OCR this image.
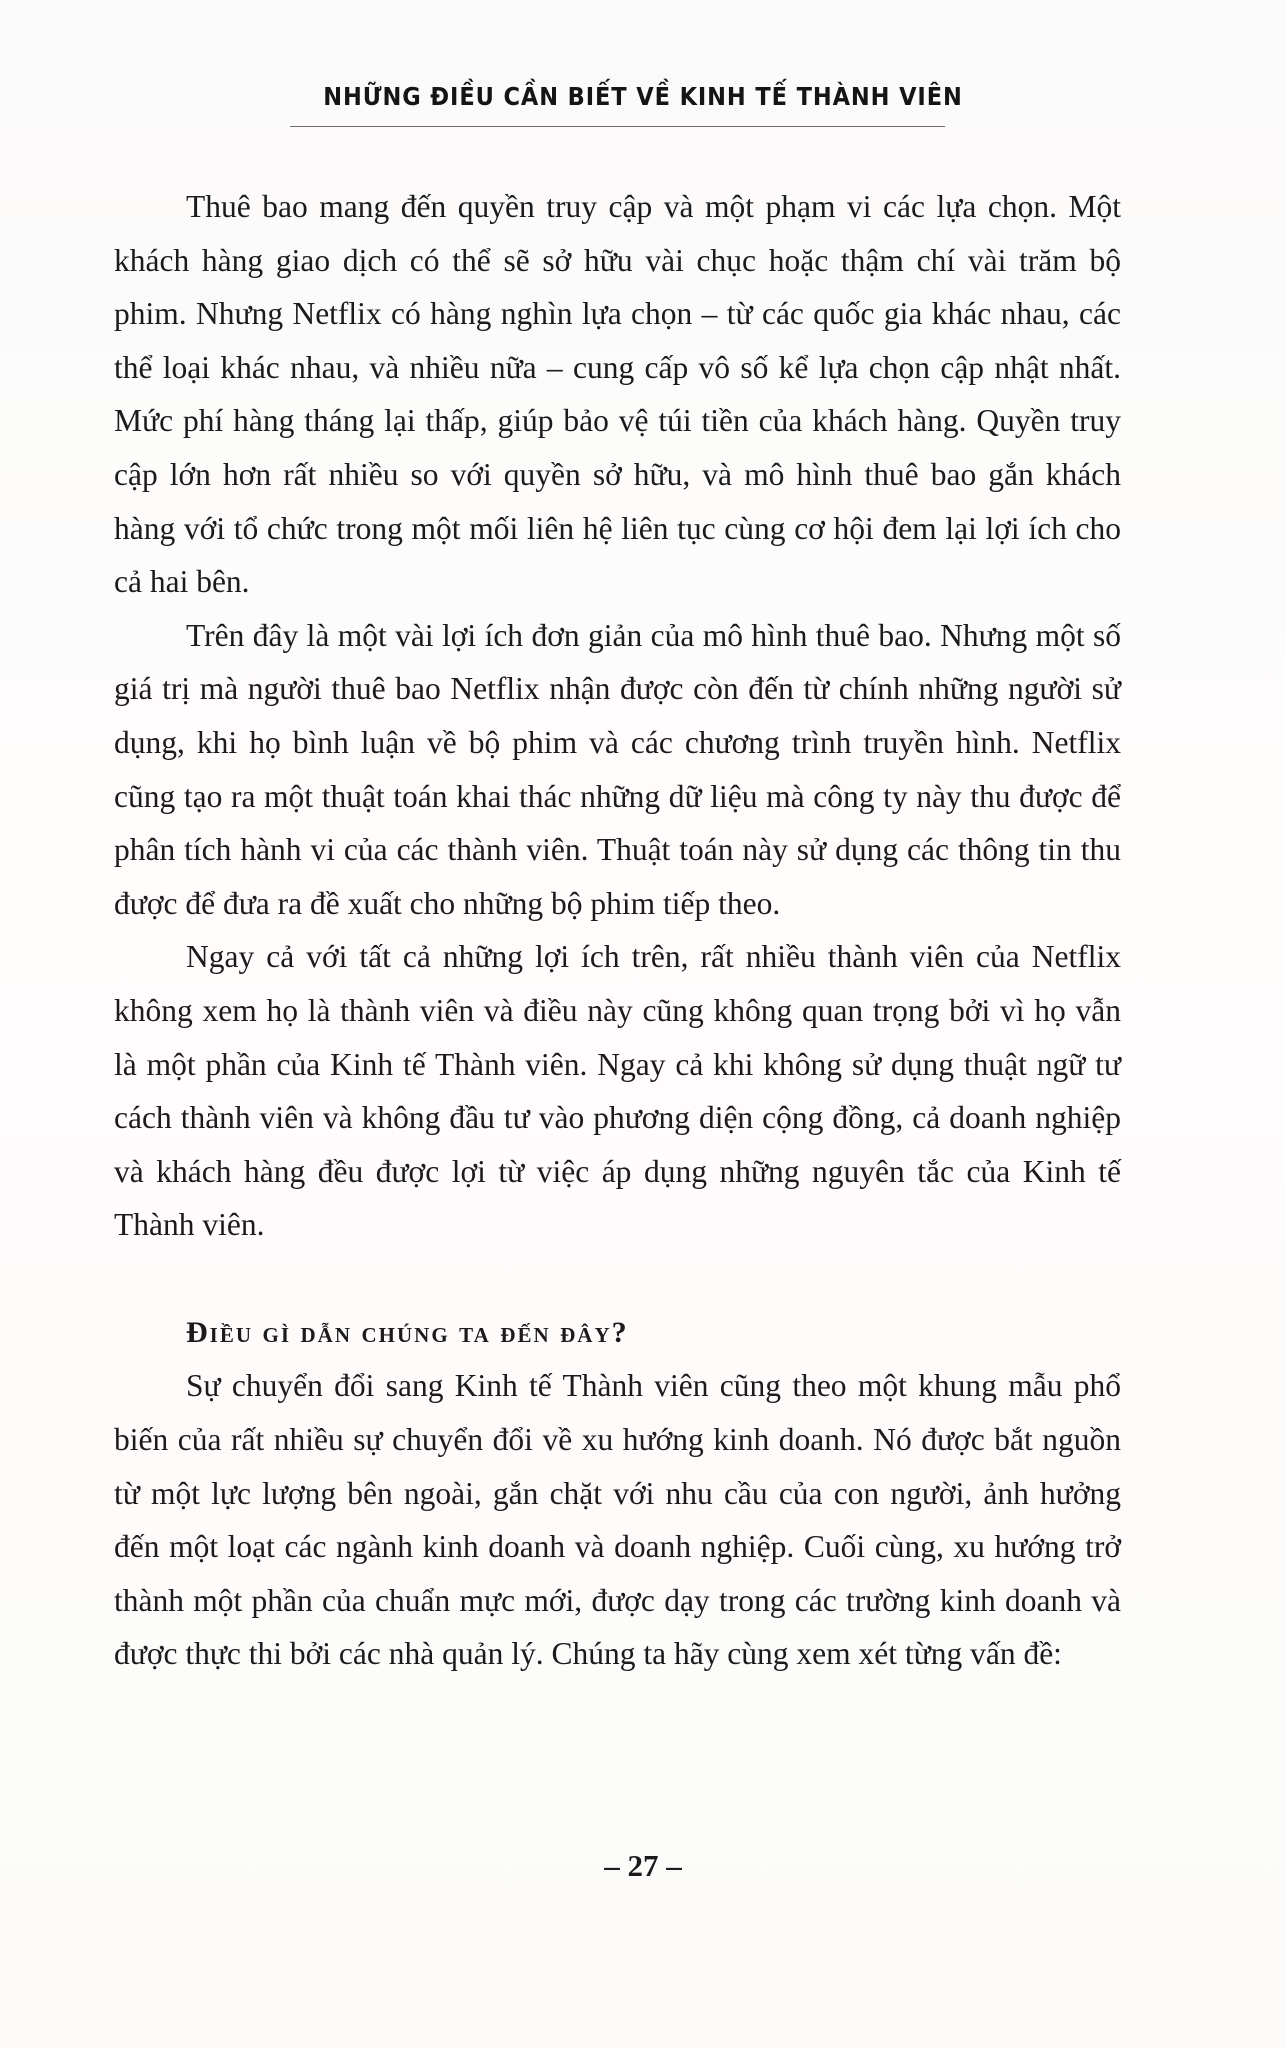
NHỮNG ĐIỀU CẦN BIẾT VỀ KINH TẾ THÀNH VIÊN

Thuê bao mang đến quyền truy cập và một phạm vi các lựa chọn. Một khách hàng giao dịch có thể sẽ sở hữu vài chục hoặc thậm chí vài trăm bộ phim. Nhưng Netflix có hàng nghìn lựa chọn – từ các quốc gia khác nhau, các thể loại khác nhau, và nhiều nữa – cung cấp vô số kể lựa chọn cập nhật nhất. Mức phí hàng tháng lại thấp, giúp bảo vệ túi tiền của khách hàng. Quyền truy cập lớn hơn rất nhiều so với quyền sở hữu, và mô hình thuê bao gắn khách hàng với tổ chức trong một mối liên hệ liên tục cùng cơ hội đem lại lợi ích cho cả hai bên.

Trên đây là một vài lợi ích đơn giản của mô hình thuê bao. Nhưng một số giá trị mà người thuê bao Netflix nhận được còn đến từ chính những người sử dụng, khi họ bình luận về bộ phim và các chương trình truyền hình. Netflix cũng tạo ra một thuật toán khai thác những dữ liệu mà công ty này thu được để phân tích hành vi của các thành viên. Thuật toán này sử dụng các thông tin thu được để đưa ra đề xuất cho những bộ phim tiếp theo.

Ngay cả với tất cả những lợi ích trên, rất nhiều thành viên của Netflix không xem họ là thành viên và điều này cũng không quan trọng bởi vì họ vẫn là một phần của Kinh tế Thành viên. Ngay cả khi không sử dụng thuật ngữ tư cách thành viên và không đầu tư vào phương diện cộng đồng, cả doanh nghiệp và khách hàng đều được lợi từ việc áp dụng những nguyên tắc của Kinh tế Thành viên.

Điều gì dẫn chúng ta đến đây?

Sự chuyển đổi sang Kinh tế Thành viên cũng theo một khung mẫu phổ biến của rất nhiều sự chuyển đổi về xu hướng kinh doanh. Nó được bắt nguồn từ một lực lượng bên ngoài, gắn chặt với nhu cầu của con người, ảnh hưởng đến một loạt các ngành kinh doanh và doanh nghiệp. Cuối cùng, xu hướng trở thành một phần của chuẩn mực mới, được dạy trong các trường kinh doanh và được thực thi bởi các nhà quản lý. Chúng ta hãy cùng xem xét từng vấn đề:

– 27 –
